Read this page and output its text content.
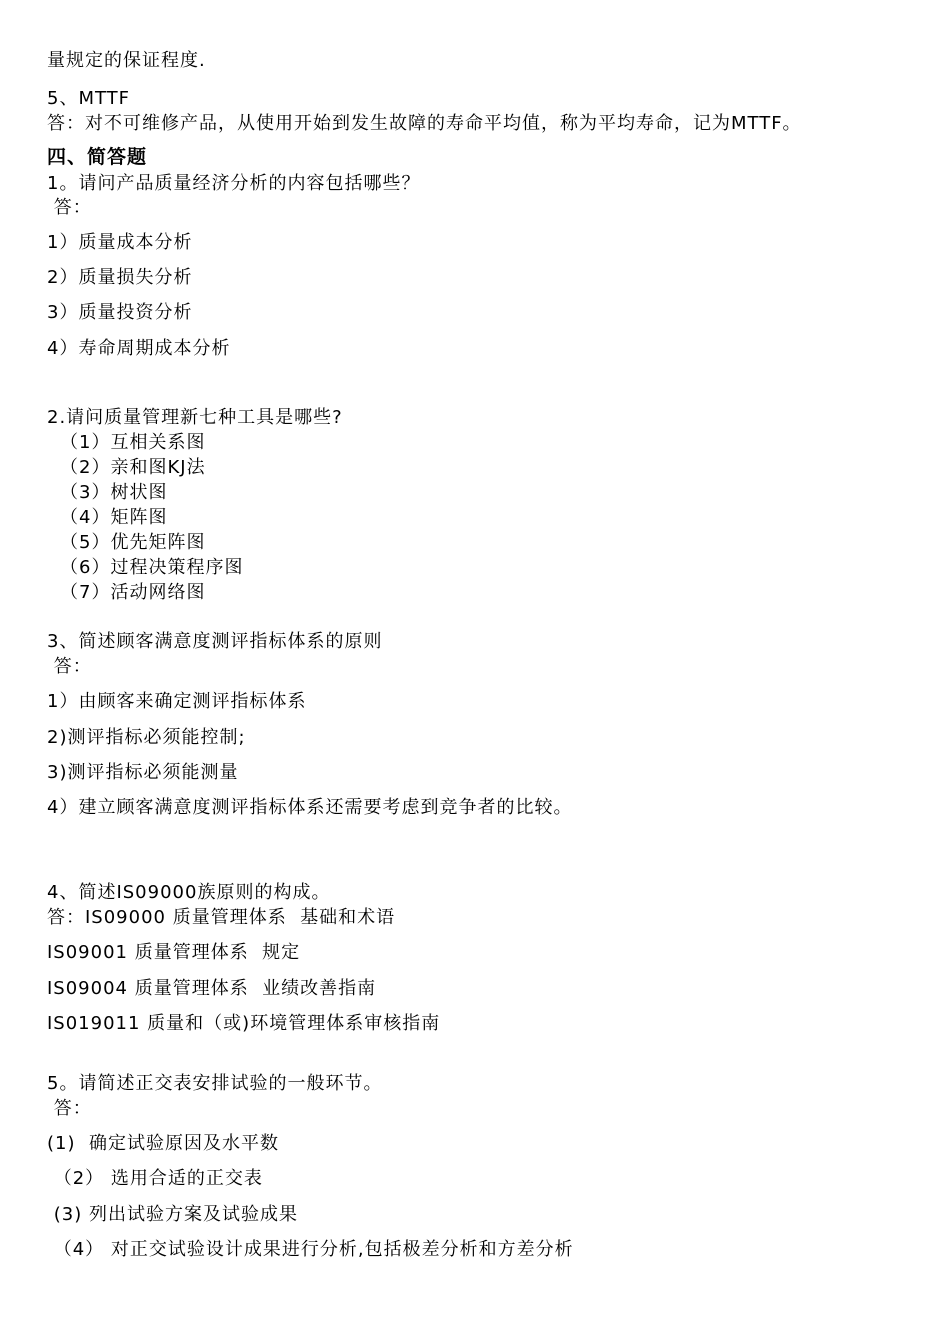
量规定的保证程度.
5、MTTF
答：对不可维修产品，从使用开始到发生故障的寿命平均值，称为平均寿命，记为MTTF。
四、简答题
1。请问产品质量经济分析的内容包括哪些？
答：
1）质量成本分析
2）质量损失分析
3）质量投资分析
4）寿命周期成本分析
2.请问质量管理新七种工具是哪些?
（1）互相关系图
（2）亲和图KJ法
（3）树状图
（4）矩阵图
（5）优先矩阵图
（6）过程决策程序图
（7）活动网络图
3、简述顾客满意度测评指标体系的原则
答：
1）由顾客来确定测评指标体系
2)测评指标必须能控制;
3)测评指标必须能测量
4）建立顾客满意度测评指标体系还需要考虑到竞争者的比较。
4、简述IS09000族原则的构成。
答：IS09000 质量管理体系  基础和术语
IS09001 质量管理体系  规定
IS09004 质量管理体系  业绩改善指南
IS019011 质量和（或)环境管理体系审核指南
5。请简述正交表安排试验的一般环节。
答：
(1)  确定试验原因及水平数
（2） 选用合适的正交表
(3) 列出试验方案及试验成果
（4） 对正交试验设计成果进行分析,包括极差分析和方差分析
